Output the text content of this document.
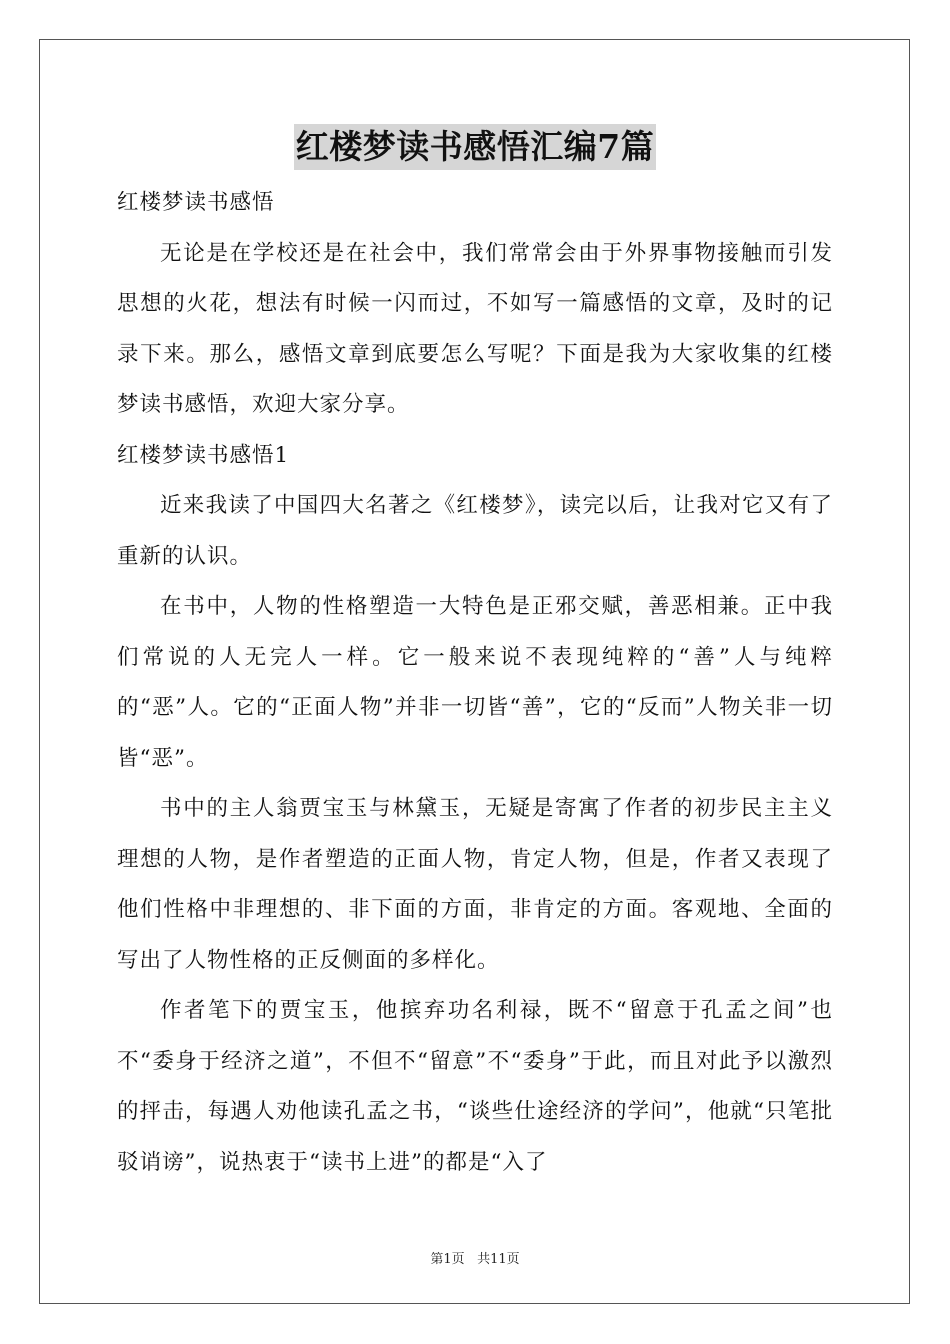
红楼梦读书感悟汇编7篇

红楼梦读书感悟

无论是在学校还是在社会中，我们常常会由于外界事物接触而引发思想的火花，想法有时候一闪而过，不如写一篇感悟的文章，及时的记录下来。那么，感悟文章到底要怎么写呢？下面是我为大家收集的红楼梦读书感悟，欢迎大家分享。

红楼梦读书感悟1

近来我读了中国四大名著之《红楼梦》，读完以后，让我对它又有了重新的认识。

在书中，人物的性格塑造一大特色是正邪交赋，善恶相兼。正中我们常说的人无完人一样。它一般来说不表现纯粹的“善”人与纯粹的“恶”人。它的“正面人物”并非一切皆“善”，它的“反而”人物关非一切皆“恶”。

书中的主人翁贾宝玉与林黛玉，无疑是寄寓了作者的初步民主主义理想的人物，是作者塑造的正面人物，肯定人物，但是，作者又表现了他们性格中非理想的、非下面的方面，非肯定的方面。客观地、全面的写出了人物性格的正反侧面的多样化。

作者笔下的贾宝玉，他摈弃功名利禄，既不“留意于孔孟之间”也不“委身于经济之道”，不但不“留意”不“委身”于此，而且对此予以激烈的抨击，每遇人劝他读孔孟之书，“谈些仕途经济的学问”，他就“只笔批驳诮谤”，说热衷于“读书上进”的都是“入了

第1页 共11页
